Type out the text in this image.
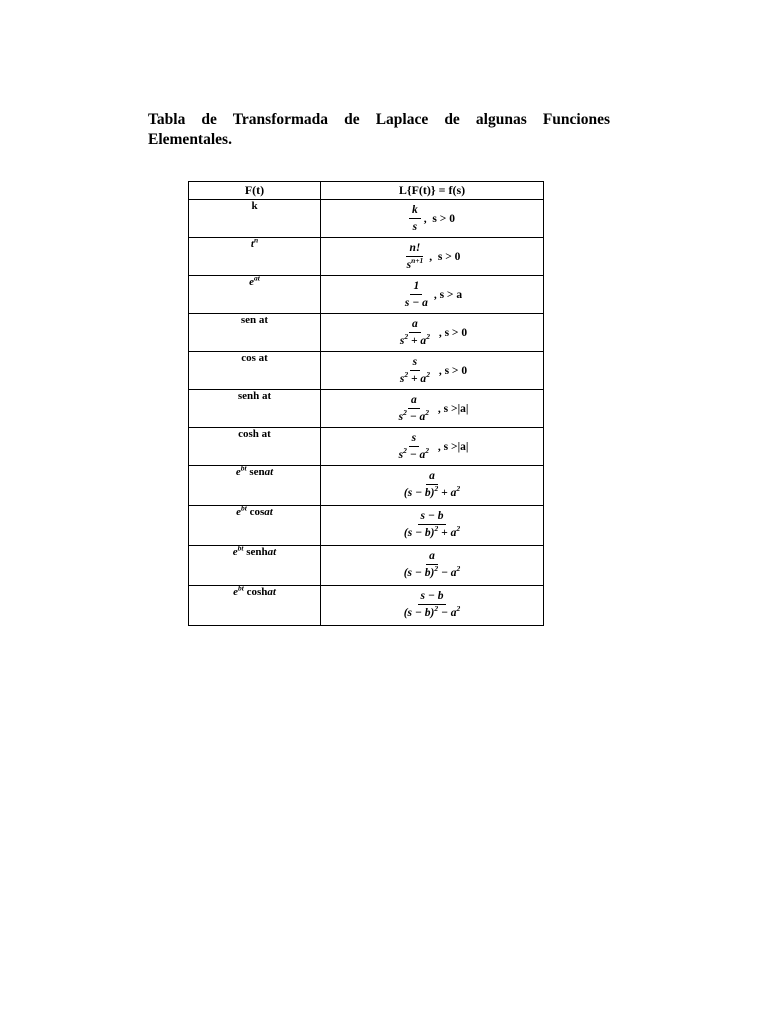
Tabla de Transformada de Laplace de algunas Funciones Elementales.

F(t)	L{F(t)} = f(s)
k	$\frac{k}{s}$ ,  s > 0

$t^n$	$\frac{n!}{s^{n+1}}$ ,  s > 0

$e^{at}$	$\frac{1}{s - a}$ , s > a

sen at	$\frac{a}{s^2 + a^2}$ , s > 0

cos at	$\frac{s}{s^2 + a^2}$ , s > 0

senh at	$\frac{a}{s^2 - a^2}$ , s >|a|

cosh at	$\frac{s}{s^2 - a^2}$ , s >|a|

$e^{bt}$ senat	$\frac{a}{(s - b)^2 + a^2}$

$e^{bt}$ cosat	$\frac{s - b}{(s - b)^2 + a^2}$

$e^{bt}$ senhat	$\frac{a}{(s - b)^2 - a^2}$

$e^{bt}$ coshat	$\frac{s - b}{(s - b)^2 - a^2}$
